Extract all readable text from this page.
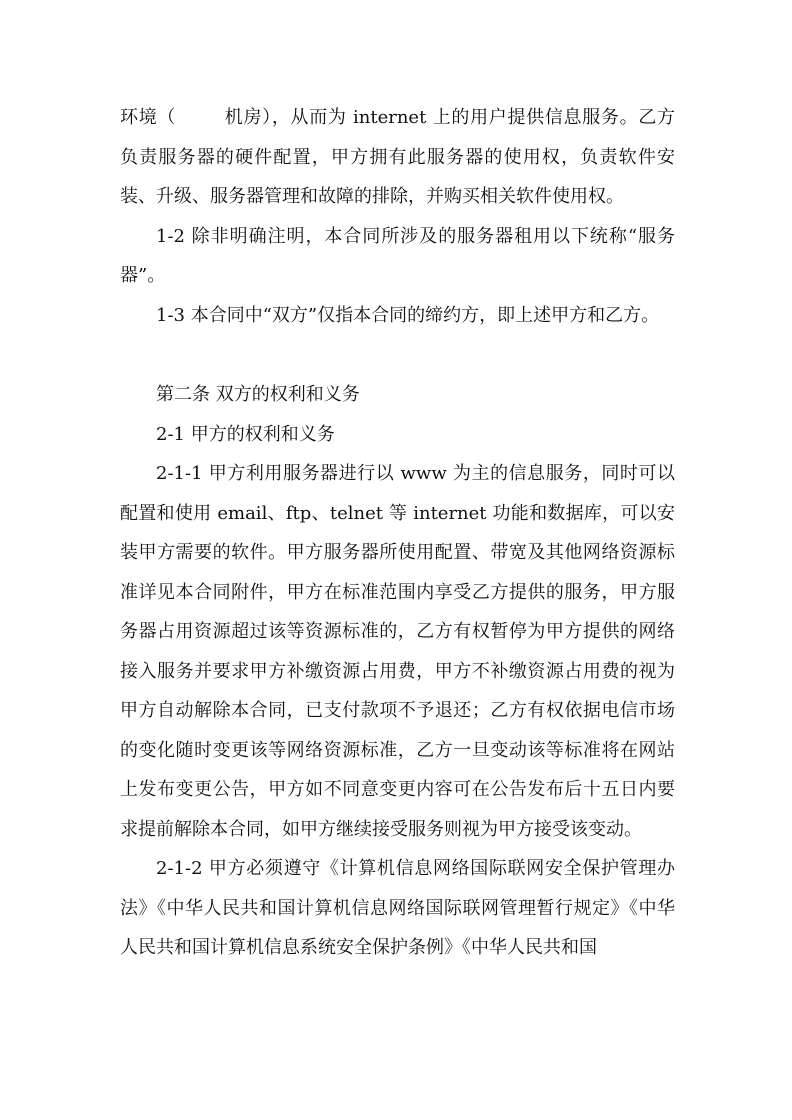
环境（	机房），从而为 internet 上的用户提供信息服务。乙方负责服务器的硬件配置，甲方拥有此服务器的使用权，负责软件安装、升级、服务器管理和故障的排除，并购买相关软件使用权。

1-2 除非明确注明，本合同所涉及的服务器租用以下统称“服务器”。

1-3 本合同中“双方”仅指本合同的缔约方，即上述甲方和乙方。

第二条 双方的权利和义务

2-1 甲方的权利和义务

2-1-1 甲方利用服务器进行以 www 为主的信息服务，同时可以配置和使用 email、ftp、telnet 等 internet 功能和数据库，可以安装甲方需要的软件。甲方服务器所使用配置、带宽及其他网络资源标准详见本合同附件，甲方在标准范围内享受乙方提供的服务，甲方服务器占用资源超过该等资源标准的，乙方有权暂停为甲方提供的网络接入服务并要求甲方补缴资源占用费，甲方不补缴资源占用费的视为甲方自动解除本合同，已支付款项不予退还；乙方有权依据电信市场的变化随时变更该等网络资源标准，乙方一旦变动该等标准将在网站上发布变更公告，甲方如不同意变更内容可在公告发布后十五日内要求提前解除本合同，如甲方继续接受服务则视为甲方接受该变动。

2-1-2 甲方必须遵守《计算机信息网络国际联网安全保护管理办法》《中华人民共和国计算机信息网络国际联网管理暂行规定》《中华人民共和国计算机信息系统安全保护条例》《中华人民共和国
